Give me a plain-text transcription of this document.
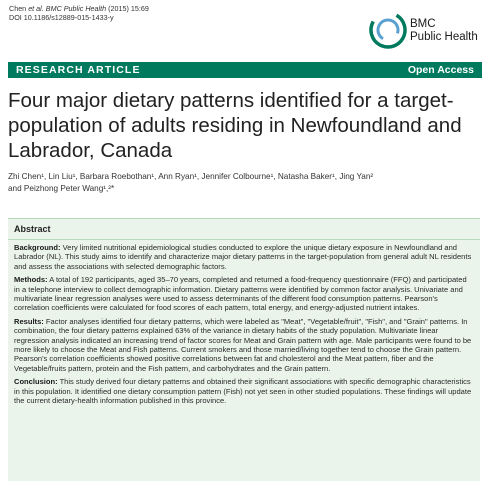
Chen et al. BMC Public Health (2015) 15:69
DOI 10.1186/s12889-015-1433-y
BMC
Public Health
RESEARCH ARTICLE	Open Access
Four major dietary patterns identified for a target-population of adults residing in Newfoundland and Labrador, Canada
Zhi Chen¹, Lin Liu¹, Barbara Roebothan¹, Ann Ryan¹, Jennifer Colbourne¹, Natasha Baker¹, Jing Yan²
and Peizhong Peter Wang¹,²*
Abstract

Background: Very limited nutritional epidemiological studies conducted to explore the unique dietary exposure in Newfoundland and Labrador (NL). This study aims to identify and characterize major dietary patterns in the target-population from general adult NL residents and assess the associations with selected demographic factors.

Methods: A total of 192 participants, aged 35–70 years, completed and returned a food-frequency questionnaire (FFQ) and participated in a telephone interview to collect demographic information. Dietary patterns were identified by common factor analysis. Univariate and multivariate linear regression analyses were used to assess determinants of the different food consumption patterns. Pearson's correlation coefficients were calculated for food scores of each pattern, total energy, and energy-adjusted nutrient intakes.

Results: Factor analyses identified four dietary patterns, which were labeled as "Meat", "Vegetable/fruit", "Fish", and "Grain" patterns. In combination, the four dietary patterns explained 63% of the variance in dietary habits of the study population. Multivariate linear regression analysis indicated an increasing trend of factor scores for Meat and Grain pattern with age. Male participants were found to be more likely to choose the Meat and Fish patterns. Current smokers and those married/living together tend to choose the Grain pattern. Pearson's correlation coefficients showed positive correlations between fat and cholesterol and the Meat pattern, fiber and the Vegetable/fruits pattern, protein and the Fish pattern, and carbohydrates and the Grain pattern.

Conclusion: This study derived four dietary patterns and obtained their significant associations with specific demographic characteristics in this population. It identified one dietary consumption pattern (Fish) not yet seen in other studied populations. These findings will update the current dietary-health information published in this province.
